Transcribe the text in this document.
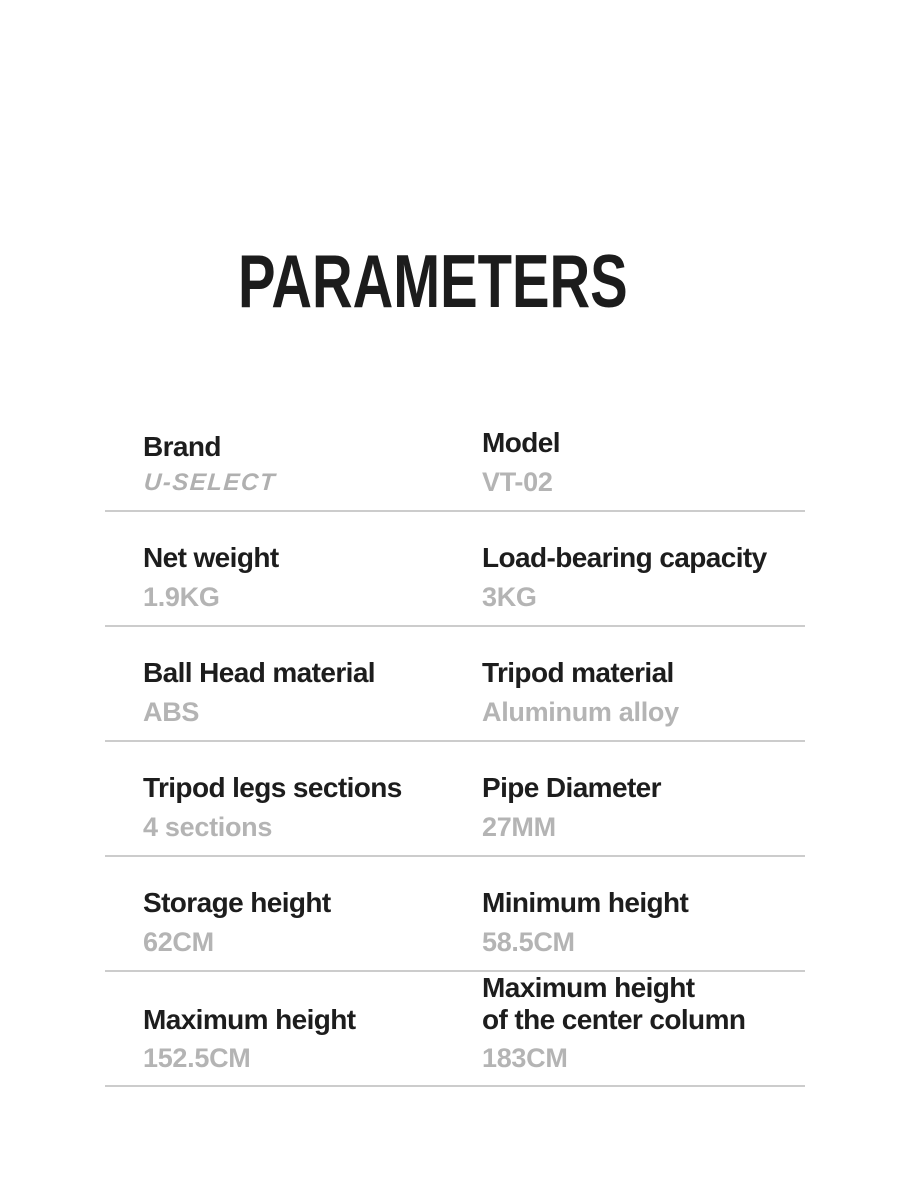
PARAMETERS
Brand
U-SELECT
Model
VT-02
Net weight
1.9KG
Load-bearing capacity
3KG
Ball Head material
ABS
Tripod material
Aluminum alloy
Tripod legs sections
4 sections
Pipe Diameter
27MM
Storage height
62CM
Minimum height
58.5CM
Maximum height
152.5CM
Maximum height
of the center column
183CM
